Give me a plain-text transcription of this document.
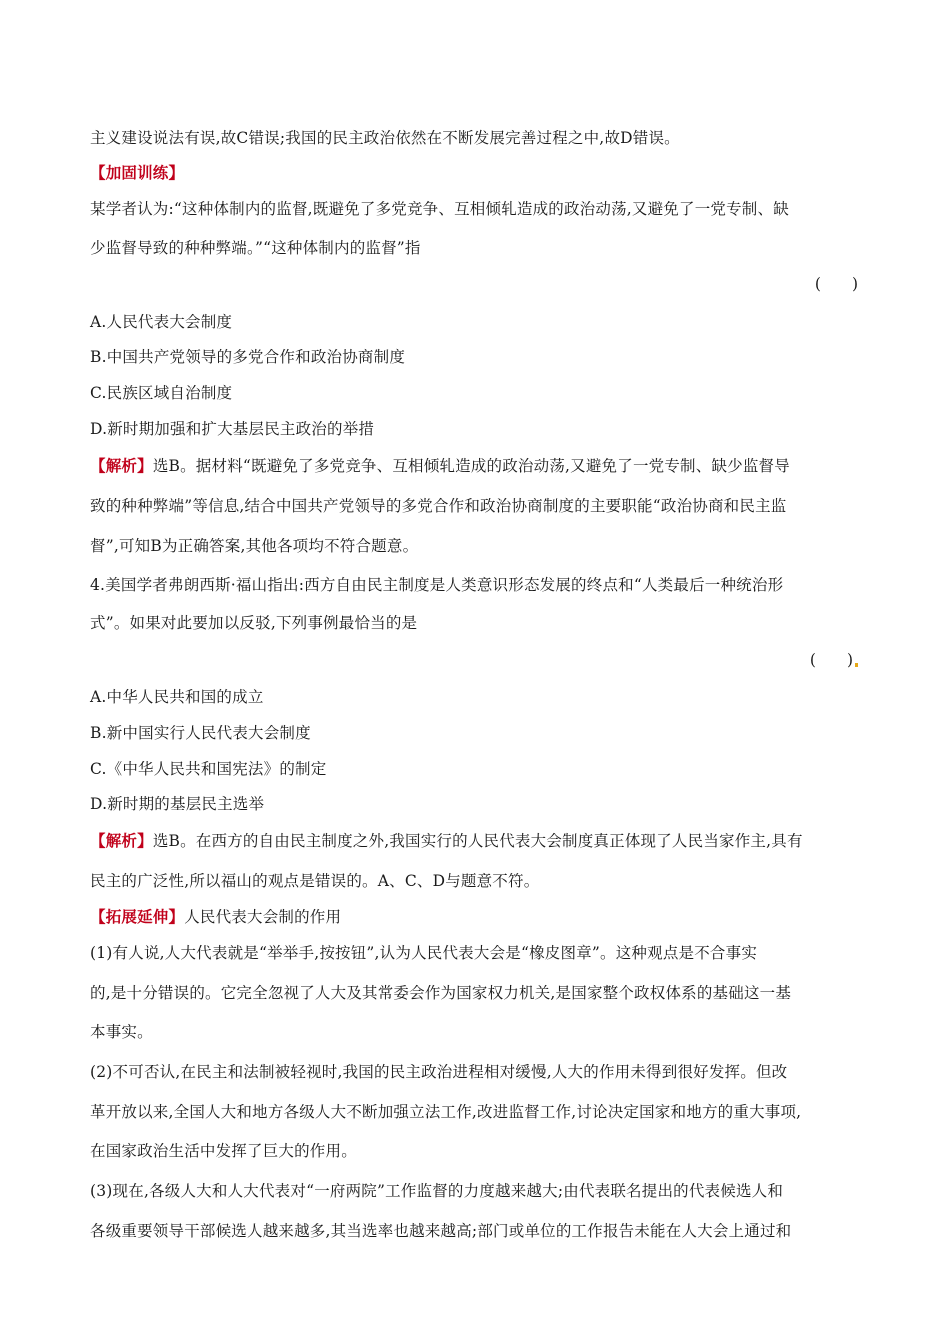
主义建设说法有误,故C错误;我国的民主政治依然在不断发展完善过程之中,故D错误。
【加固训练】
某学者认为:“这种体制内的监督,既避免了多党竞争、互相倾轧造成的政治动荡,又避免了一党专制、缺
少监督导致的种种弊端。”“这种体制内的监督”指
(　　)
A.人民代表大会制度
B.中国共产党领导的多党合作和政治协商制度
C.民族区域自治制度
D.新时期加强和扩大基层民主政治的举措
【解析】选B。据材料“既避免了多党竞争、互相倾轧造成的政治动荡,又避免了一党专制、缺少监督导
致的种种弊端”等信息,结合中国共产党领导的多党合作和政治协商制度的主要职能“政治协商和民主监
督”,可知B为正确答案,其他各项均不符合题意。
4.美国学者弗朗西斯·福山指出:西方自由民主制度是人类意识形态发展的终点和“人类最后一种统治形
式”。如果对此要加以反驳,下列事例最恰当的是
(　　)
A.中华人民共和国的成立
B.新中国实行人民代表大会制度
C.《中华人民共和国宪法》的制定
D.新时期的基层民主选举
【解析】选B。在西方的自由民主制度之外,我国实行的人民代表大会制度真正体现了人民当家作主,具有
民主的广泛性,所以福山的观点是错误的。A、C、D与题意不符。
【拓展延伸】人民代表大会制的作用
(1)有人说,人大代表就是“举举手,按按钮”,认为人民代表大会是“橡皮图章”。这种观点是不合事实
的,是十分错误的。它完全忽视了人大及其常委会作为国家权力机关,是国家整个政权体系的基础这一基
本事实。
(2)不可否认,在民主和法制被轻视时,我国的民主政治进程相对缓慢,人大的作用未得到很好发挥。但改
革开放以来,全国人大和地方各级人大不断加强立法工作,改进监督工作,讨论决定国家和地方的重大事项,
在国家政治生活中发挥了巨大的作用。
(3)现在,各级人大和人大代表对“一府两院”工作监督的力度越来越大;由代表联名提出的代表候选人和
各级重要领导干部候选人越来越多,其当选率也越来越高;部门或单位的工作报告未能在人大会上通过和
